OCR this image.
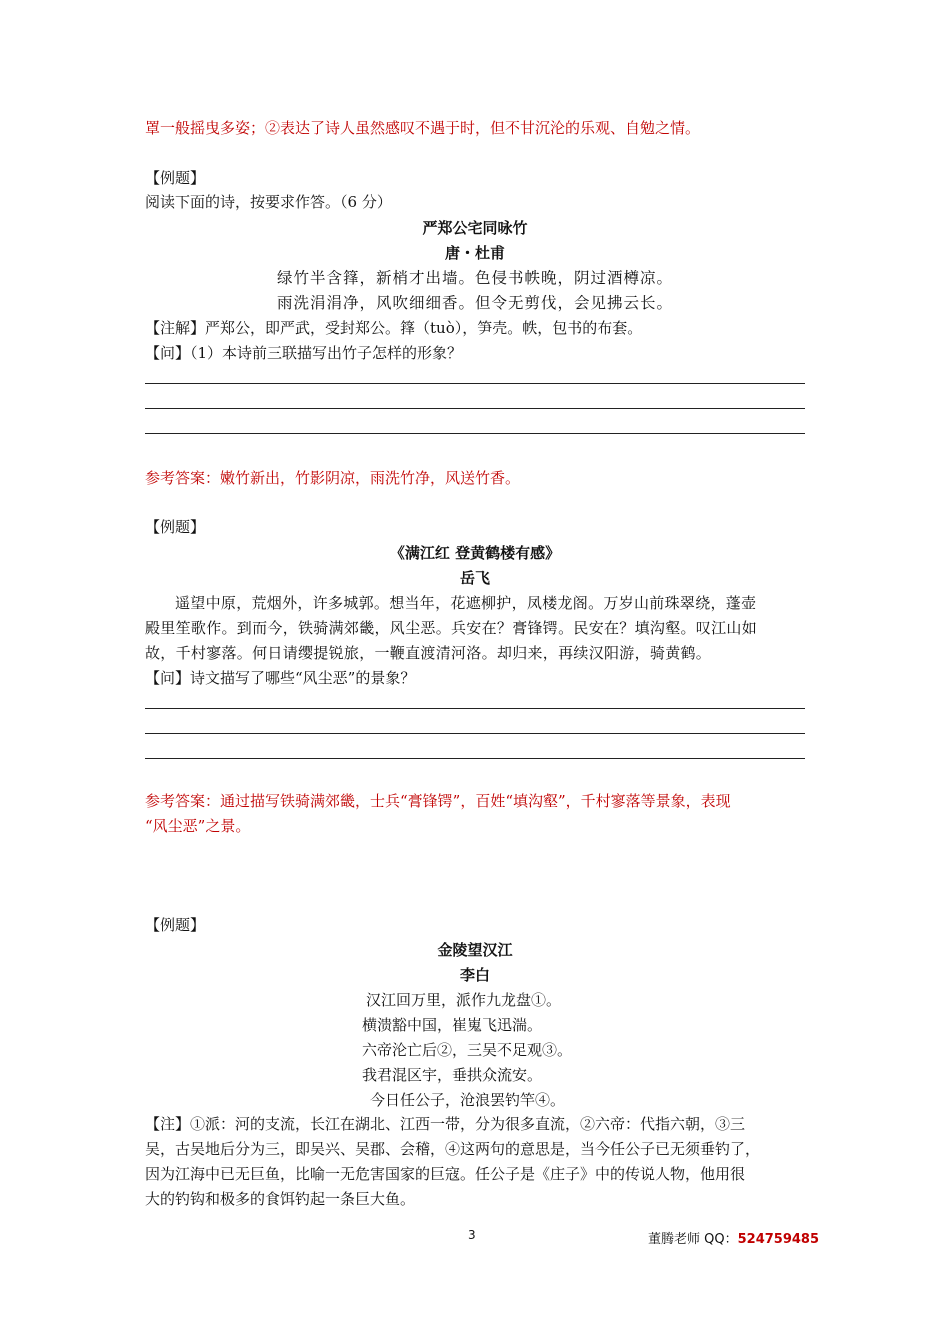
罩一般摇曳多姿；②表达了诗人虽然感叹不遇于时，但不甘沉沦的乐观、自勉之情。
【例题】
阅读下面的诗，按要求作答。（6 分）
严郑公宅同咏竹
唐・杜甫
绿竹半含箨，新梢才出墙。色侵书帙晚，阴过酒樽凉。
雨洗涓涓净，风吹细细香。但令无剪伐，会见拂云长。
【注解】严郑公，即严武，受封郑公。箨（tuò），笋壳。帙，包书的布套。
【问】（1）本诗前三联描写出竹子怎样的形象？
参考答案：嫩竹新出，竹影阴凉，雨洗竹净，风送竹香。
【例题】
《满江红 登黄鹤楼有感》
岳飞
遥望中原，荒烟外，许多城郭。想当年，花遮柳护，凤楼龙阁。万岁山前珠翠绕，蓬壶
殿里笙歌作。到而今，铁骑满郊畿，风尘恶。兵安在？膏锋锷。民安在？填沟壑。叹江山如
故，千村寥落。何日请缨提锐旅，一鞭直渡清河洛。却归来，再续汉阳游，骑黄鹤。
【问】诗文描写了哪些“风尘恶”的景象？
参考答案：通过描写铁骑满郊畿，士兵“膏锋锷”，百姓“填沟壑”，千村寥落等景象，表现
“风尘恶”之景。
【例题】
金陵望汉江
李白
汉江回万里，派作九龙盘①。
横溃豁中国，崔嵬飞迅湍。
六帝沦亡后②，三吴不足观③。
我君混区宇，垂拱众流安。
今日任公子，沧浪罢钓竿④。
【注】①派：河的支流，长江在湖北、江西一带，分为很多直流，②六帝：代指六朝，③三
吴，古吴地后分为三，即吴兴、吴郡、会稽，④这两句的意思是，当今任公子已无须垂钓了，
因为江海中已无巨鱼，比喻一无危害国家的巨寇。任公子是《庄子》中的传说人物，他用很
大的钓钩和极多的食饵钓起一条巨大鱼。
3	董腾老师 QQ：524759485
